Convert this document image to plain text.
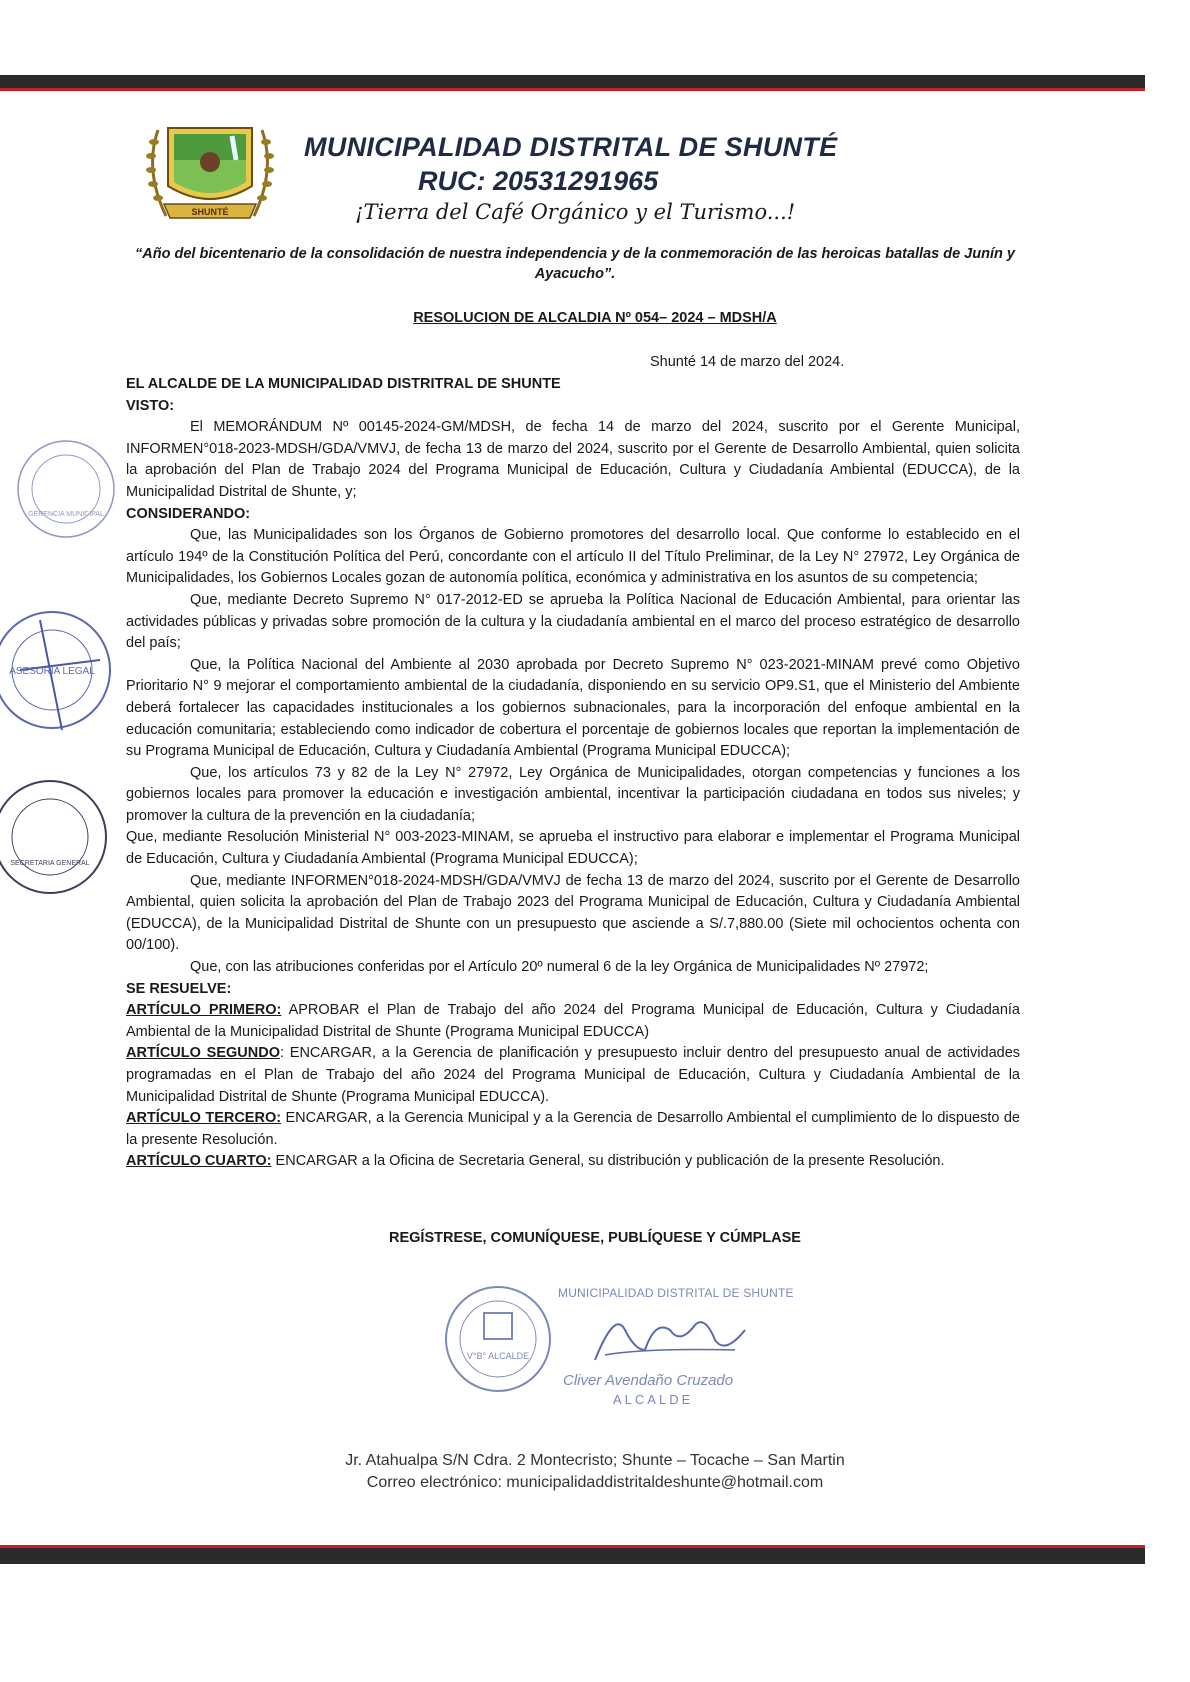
SHUNTÉ
MUNICIPALIDAD DISTRITAL DE SHUNTÉ
RUC: 20531291965
¡Tierra del Café Orgánico y el Turismo...!
“Año del bicentenario de la consolidación de nuestra independencia y de la conmemoración de las heroicas batallas de Junín y Ayacucho”.
RESOLUCION DE ALCALDIA Nº 054– 2024 – MDSH/A
Shunté 14 de marzo del 2024.

EL ALCALDE DE LA MUNICIPALIDAD DISTRITRAL DE SHUNTE

VISTO:

El MEMORÁNDUM Nº 00145-2024-GM/MDSH, de fecha 14 de marzo del 2024, suscrito por el Gerente Municipal, INFORMEN°018-2023-MDSH/GDA/VMVJ, de fecha 13 de marzo del 2024, suscrito por el Gerente de Desarrollo Ambiental, quien solicita la aprobación del Plan de Trabajo 2024 del Programa Municipal de Educación, Cultura y Ciudadanía Ambiental (EDUCCA), de la Municipalidad Distrital de Shunte, y;

CONSIDERANDO:

Que, las Municipalidades son los Órganos de Gobierno promotores del desarrollo local. Que conforme lo establecido en el artículo 194º de la Constitución Política del Perú, concordante con el artículo II del Título Preliminar, de la Ley N° 27972, Ley Orgánica de Municipalidades, los Gobiernos Locales gozan de autonomía política, económica y administrativa en los asuntos de su competencia;

Que, mediante Decreto Supremo N° 017-2012-ED se aprueba la Política Nacional de Educación Ambiental, para orientar las actividades públicas y privadas sobre promoción de la cultura y la ciudadanía ambiental en el marco del proceso estratégico de desarrollo del país;

Que, la Política Nacional del Ambiente al 2030 aprobada por Decreto Supremo N° 023-2021-MINAM prevé como Objetivo Prioritario N° 9 mejorar el comportamiento ambiental de la ciudadanía, disponiendo en su servicio OP9.S1, que el Ministerio del Ambiente deberá fortalecer las capacidades institucionales a los gobiernos subnacionales, para la incorporación del enfoque ambiental en la educación comunitaria; estableciendo como indicador de cobertura el porcentaje de gobiernos locales que reportan la implementación de su Programa Municipal de Educación, Cultura y Ciudadanía Ambiental (Programa Municipal EDUCCA);

Que, los artículos 73 y 82 de la Ley N° 27972, Ley Orgánica de Municipalidades, otorgan competencias y funciones a los gobiernos locales para promover la educación e investigación ambiental, incentivar la participación ciudadana en todos sus niveles; y promover la cultura de la prevención en la ciudadanía;

Que, mediante Resolución Ministerial N° 003-2023-MINAM, se aprueba el instructivo para elaborar e implementar el Programa Municipal de Educación, Cultura y Ciudadanía Ambiental (Programa Municipal EDUCCA);

Que, mediante INFORMEN°018-2024-MDSH/GDA/VMVJ de fecha 13 de marzo del 2024, suscrito por el Gerente de Desarrollo Ambiental, quien solicita la aprobación del Plan de Trabajo 2023 del Programa Municipal de Educación, Cultura y Ciudadanía Ambiental (EDUCCA), de la Municipalidad Distrital de Shunte con un presupuesto que asciende a S/.7,880.00 (Siete mil ochocientos ochenta con 00/100).

Que, con las atribuciones conferidas por el Artículo 20º numeral 6 de la ley Orgánica de Municipalidades Nº 27972;

SE RESUELVE:

ARTÍCULO PRIMERO: APROBAR el Plan de Trabajo del año 2024 del Programa Municipal de Educación, Cultura y Ciudadanía Ambiental de la Municipalidad Distrital de Shunte (Programa Municipal EDUCCA)

ARTÍCULO SEGUNDO: ENCARGAR, a la Gerencia de planificación y presupuesto incluir dentro del presupuesto anual de actividades programadas en el Plan de Trabajo del año 2024 del Programa Municipal de Educación, Cultura y Ciudadanía Ambiental de la Municipalidad Distrital de Shunte (Programa Municipal EDUCCA).

ARTÍCULO TERCERO: ENCARGAR, a la Gerencia Municipal y a la Gerencia de Desarrollo Ambiental el cumplimiento de lo dispuesto de la presente Resolución.

ARTÍCULO CUARTO: ENCARGAR a la Oficina de Secretaria General, su distribución y publicación de la presente Resolución.

REGÍSTRESE, COMUNÍQUESE, PUBLÍQUESE Y CÚMPLASE
V°B° ALCALDE
MUNICIPALIDAD DISTRITAL DE SHUNTE
Cliver Avendaño Cruzado
ALCALDE
Jr. Atahualpa S/N Cdra. 2 Montecristo; Shunte – Tocache – San Martin
Correo electrónico: municipalidaddistritaldeshunte@hotmail.com
GERENCIA MUNICIPAL
ASESORÍA LEGAL
SECRETARIA GENERAL
